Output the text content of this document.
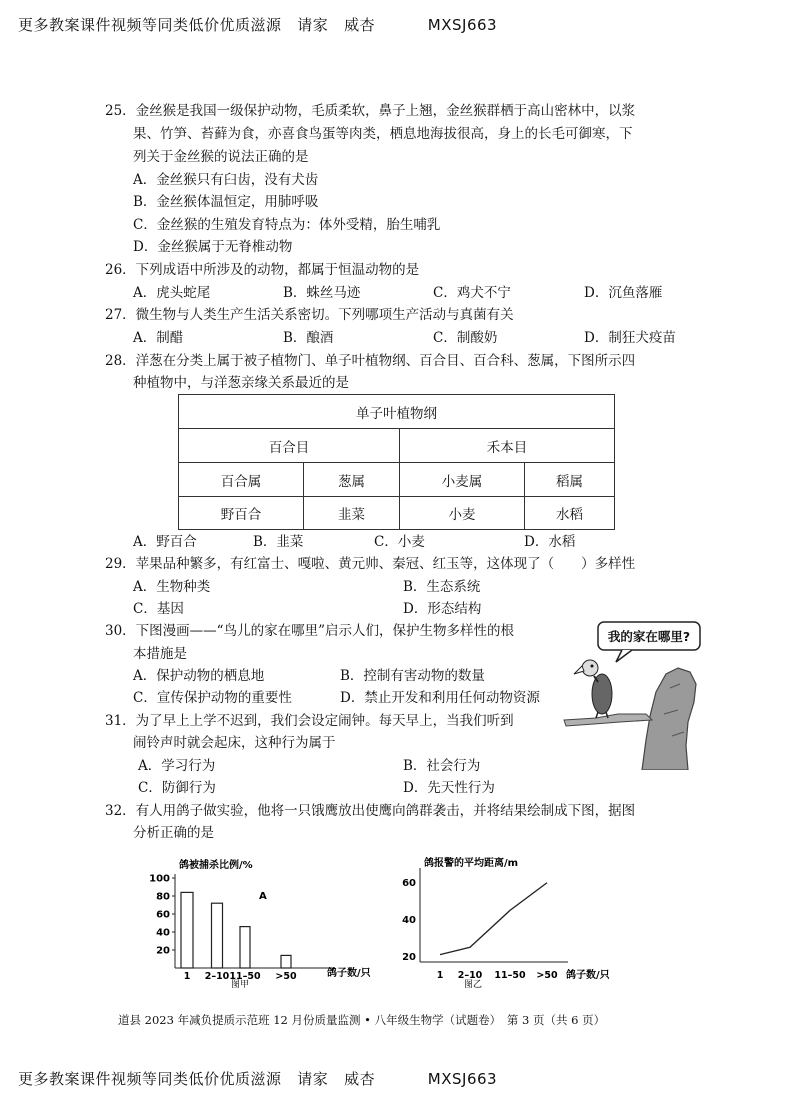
更多教案课件视频等同类低价优质滋源   请家   威杏          MXSJ663
25．金丝猴是我国一级保护动物，毛质柔软，鼻子上翘，金丝猴群栖于高山密林中，以浆
果、竹笋、苔藓为食，亦喜食鸟蛋等肉类，栖息地海拔很高，身上的长毛可御寒，下
列关于金丝猴的说法正确的是
A．金丝猴只有臼齿，没有犬齿
B．金丝猴体温恒定，用肺呼吸
C．金丝猴的生殖发育特点为：体外受精，胎生哺乳
D．金丝猴属于无脊椎动物
26．下列成语中所涉及的动物，都属于恒温动物的是
A．虎头蛇尾	B．蛛丝马迹	C．鸡犬不宁	D．沉鱼落雁
27．微生物与人类生产生活关系密切。下列哪项生产活动与真菌有关
A．制醋	B．酿酒	C．制酸奶	D．制狂犬疫苗
28．洋葱在分类上属于被子植物门、单子叶植物纲、百合目、百合科、葱属，下图所示四
种植物中，与洋葱亲缘关系最近的是
单子叶植物纲			
百合目		禾本目	
百合属	葱属	小麦属	稻属
野百合	韭菜	小麦	水稻
A．野百合	B．韭菜	C．小麦	D．水稻
29．苹果品种繁多，有红富士、嘎啦、黄元帅、秦冠、红玉等，这体现了（　　）多样性
A．生物种类	B．生态系统
C．基因	D．形态结构
30．下图漫画——“鸟儿的家在哪里”启示人们，保护生物多样性的根
本措施是
A．保护动物的栖息地	B．控制有害动物的数量
C．宣传保护动物的重要性	D．禁止开发和利用任何动物资源
我的家在哪里?
31．为了早上上学不迟到，我们会设定闹钟。每天早上，当我们听到
闹铃声时就会起床，这种行为属于
A．学习行为	B．社会行为
C．防御行为	D．先天性行为
32．有人用鸽子做实验，他将一只饿鹰放出使鹰向鸽群袭击，并将结果绘制成下图，据图
分析正确的是
鸽被捕杀比例/%
A
鸽子数/只
图甲
20
40
60
80
100
1 2–10 11–50 >50
鸽报警的平均距离/m
鸽子数/只
图乙
20
40
60
1 2–10 11–50 >50
道县 2023 年减负提质示范班 12 月份质量监测 • 八年级生物学（试题卷）　第 3 页（共 6 页）
更多教案课件视频等同类低价优质滋源   请家   威杏          MXSJ663
